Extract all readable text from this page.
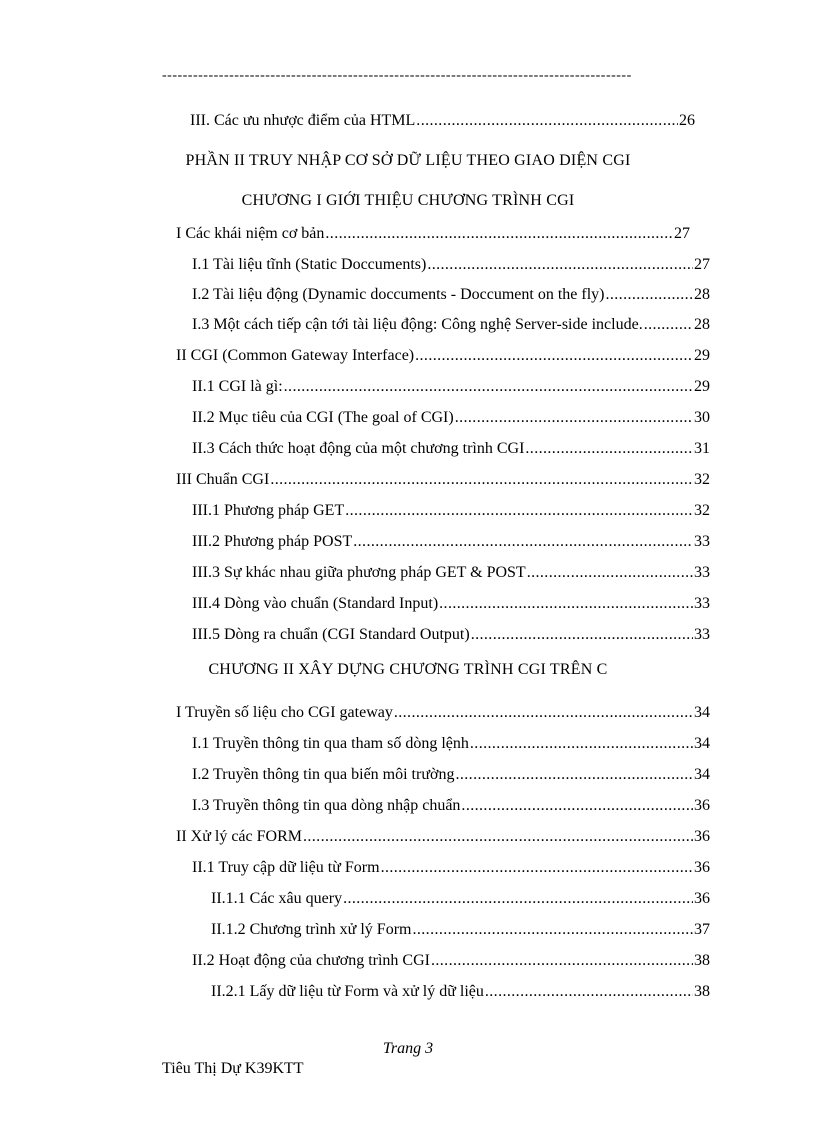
-------------------------------------------------------------------------------------------
III. Các ưu nhược điểm của HTML .....	26
PHẦN II TRUY NHẬP CƠ SỞ DỮ LIỆU THEO GIAO DIỆN CGI
CHƯƠNG I GIỚI THIỆU CHƯƠNG TRÌNH CGI
I Các khái niệm cơ bản .....	27
I.1 Tài liệu tĩnh (Static Doccuments) .....	27
I.2 Tài liệu động (Dynamic doccuments - Doccument on the fly) .....	28
I.3 Một cách tiếp cận tới tài liệu động: Công nghệ Server-side include. .....	28
II CGI (Common Gateway Interface) .....	29
II.1 CGI là gì: .....	29
II.2 Mục tiêu của CGI (The goal of CGI) .....	30
II.3 Cách thức hoạt động của một chương trình CGI .....	31
III Chuẩn CGI .....	32
III.1 Phương pháp GET .....	32
III.2 Phương pháp POST .....	33
III.3 Sự khác nhau giữa phương pháp GET & POST .....	33
III.4 Dòng vào chuẩn (Standard Input) .....	33
III.5 Dòng ra chuẩn (CGI Standard Output) .....	33
CHƯƠNG II XÂY DỰNG CHƯƠNG TRÌNH CGI TRÊN C
I Truyền số liệu cho CGI gateway .....	34
I.1 Truyền thông tin qua tham số dòng lệnh .....	34
I.2 Truyền thông tin qua biến môi trường .....	34
I.3 Truyền thông tin qua dòng nhập chuẩn .....	36
II Xử lý các FORM .....	36
II.1 Truy cập dữ liệu từ Form .....	36
II.1.1 Các xâu query .....	36
II.1.2 Chương trình xử lý Form .....	37
II.2 Hoạt động của chương trình CGI .....	38
II.2.1 Lấy dữ liệu từ Form và xử lý dữ liệu .....	38
Trang 3
Tiêu Thị Dự K39KTT
